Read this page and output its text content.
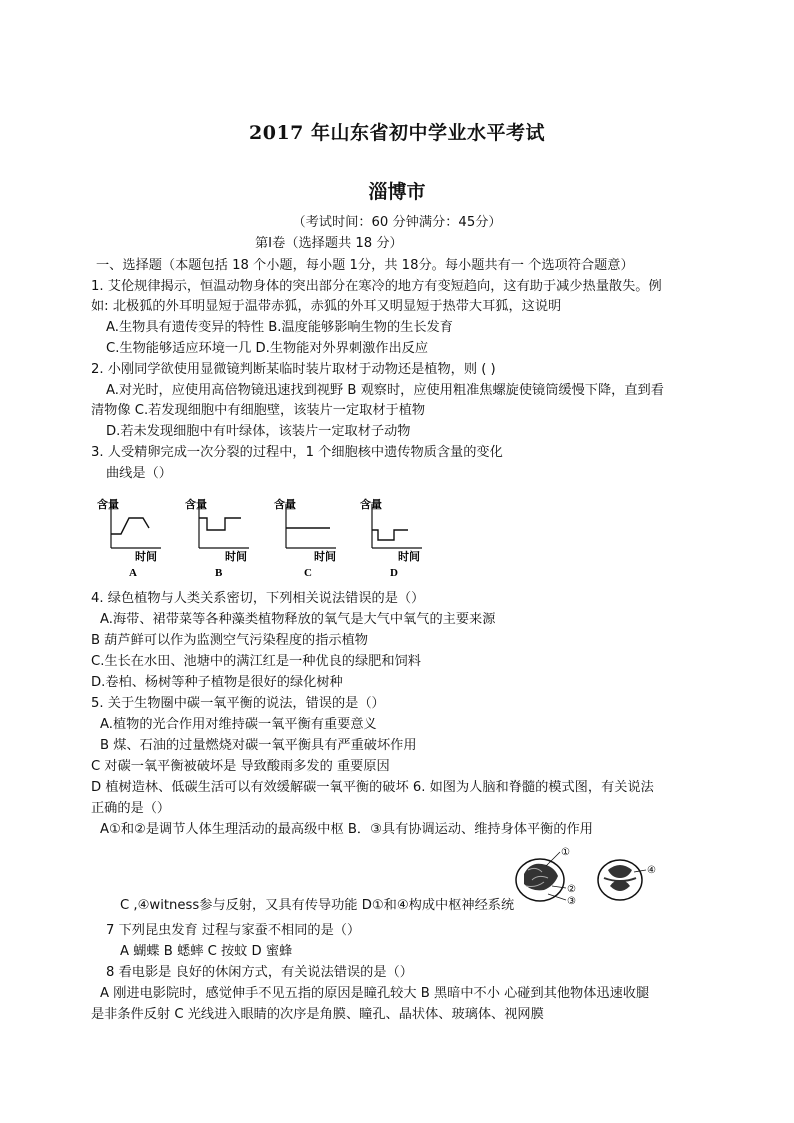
2017 年山东省初中学业水平考试
淄博市
（考试时间：60 分钟满分：45分）
第Ⅰ卷（选择题共 18 分）
一、选择题（本题包括 18 个小题，每小题 1分，共 18分。每小题共有一 个选项符合题意）
1. 艾伦规律揭示，恒温动物身体的突出部分在寒冷的地方有变短趋向，这有助于减少热量散失。例
如: 北极狐的外耳明显短于温带赤狐，赤狐的外耳又明显短于热带大耳狐，这说明
A.生物具有遗传变异的特性 B.温度能够影响生物的生长发育
C.生物能够适应环境一几 D.生物能对外界刺激作出反应
2. 小刚同学欲使用显微镜判断某临时装片取材于动物还是植物，则 ( )
A.对光时，应使用高倍物镜迅速找到视野 B 观察时，应使用粗准焦螺旋使镜筒缓慢下降，直到看
清物像 C.若发现细胞中有细胞壁，该装片一定取材于植物
D.若未发现细胞中有叶绿体，该装片一定取材子动物
3. 人受精卵完成一次分裂的过程中，1 个细胞核中遗传物质含量的变化
曲线是（）
含量
时间
A
含量
时间
B
含量
时间
C
含量
时间
D
4. 绿色植物与人类关系密切，下列相关说法错误的是（）
A.海带、裙带菜等各种藻类植物释放的氧气是大气中氧气的主要来源
B 葫芦鲜可以作为监测空气污染程度的指示植物
C.生长在水田、池塘中的满江红是一种优良的绿肥和饲料
D.卷柏、杨树等种子植物是很好的绿化树种
5. 关于生物圈中碳一氧平衡的说法，错误的是（）
A.植物的光合作用对维持碳一氧平衡有重要意义
B 煤、石油的过量燃烧对碳一氧平衡具有严重破坏作用
C 对碳一氧平衡被破坏是 导致酸雨多发的 重要原因
D 植树造林、低碳生活可以有效缓解碳一氧平衡的破坏 6. 如图为人脑和脊髓的模式图，有关说法
正确的是（）
A①和②是调节人体生理活动的最高级中枢 B．③具有协调运动、维持身体平衡的作用
①
②
③
④
C ,④witness参与反射，又具有传导功能 D①和④构成中枢神经系统
7 下列昆虫发育 过程与家蚕不相同的是（）
A 蝴蝶 B 蟋蟀 C 按蚊 D 蜜蜂
8 看电影是 良好的休闲方式，有关说法错误的是（）
A 刚进电影院时，感觉伸手不见五指的原因是瞳孔较大 B 黑暗中不小 心碰到其他物体迅速收腿
是非条件反射 C 光线进入眼睛的次序是角膜、瞳孔、晶状体、玻璃体、视网膜
